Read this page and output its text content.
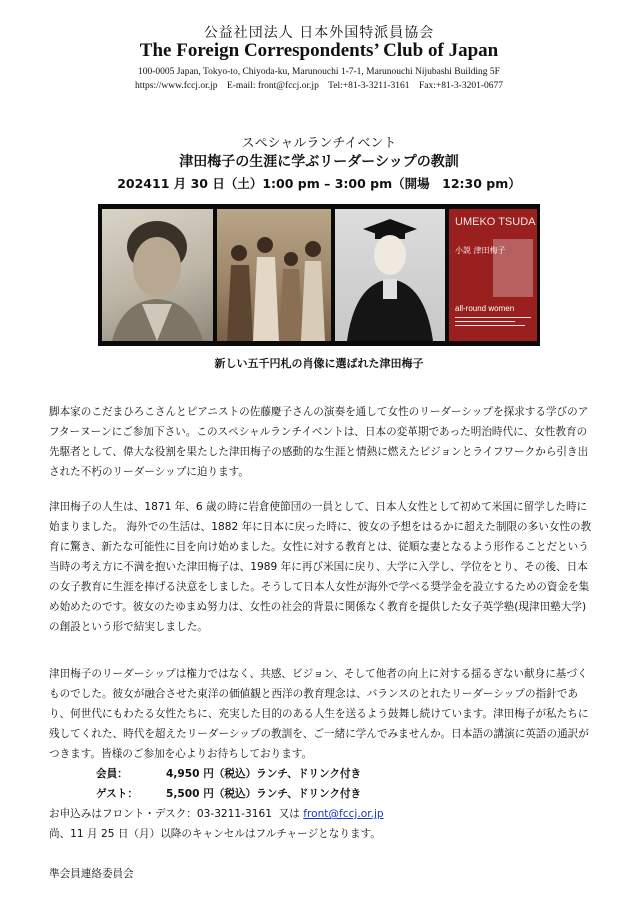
公益社団法人 日本外国特派員協会
The Foreign Correspondents’ Club of Japan
100-0005 Japan, Tokyo-to, Chiyoda-ku, Marunouchi 1-7-1, Marunouchi Nijubashi Building 5F
https://www.fccj.or.jp    E-mail: front@fccj.or.jp    Tel:+81-3-3211-3161    Fax:+81-3-3201-0677
スペシャルランチイベント
津田梅子の生涯に学ぶリーダーシップの教訓
202411 月 30 日（土）1:00 pm – 3:00 pm（開場　12:30 pm）
UMEKO TSUDA
小説 津田梅子
all-round women
新しい五千円札の肖像に選ばれた津田梅子
脚本家のこだまひろこさんとピアニストの佐藤慶子さんの演奏を通して女性のリーダーシップを探求する学びのアフターヌーンにご参加下さい。このスペシャルランチイベントは、日本の変革期であった明治時代に、女性教育の先駆者として、偉大な役割を果たした津田梅子の感動的な生涯と情熱に燃えたビジョンとライフワークから引き出された不朽のリーダーシップに迫ります。
津田梅子の人生は、1871 年、6 歳の時に岩倉使節団の一員として、日本人女性として初めて米国に留学した時に始まりました。 海外での生活は、1882 年に日本に戻った時に、彼女の予想をはるかに超えた制限の多い女性の教育に驚き、新たな可能性に目を向け始めました。女性に対する教育とは、従順な妻となるよう形作ることだという当時の考え方に不満を抱いた津田梅子は、1989 年に再び米国に戻り、大学に入学し、学位をとり、その後、日本の女子教育に生涯を捧げる決意をしました。そうして日本人女性が海外で学べる奨学金を設立するための資金を集め始めたのです。彼女のたゆまぬ努力は、女性の社会的背景に関係なく教育を提供した女子英学塾(現津田塾大学)の創設という形で結実しました。
津田梅子のリーダーシップは権力ではなく、共感、ビジョン、そして他者の向上に対する揺るぎない献身に基づくものでした。彼女が融合させた東洋の価値観と西洋の教育理念は、バランスのとれたリーダーシップの指針であり、何世代にもわたる女性たちに、充実した目的のある人生を送るよう鼓舞し続けています。津田梅子が私たちに残してくれた、時代を超えたリーダーシップの教訓を、ご一緒に学んでみませんか。日本語の講演に英語の通訳がつきます。皆様のご参加を心よりお待ちしております。
会員：	4,950 円（税込）ランチ、ドリンク付き
ゲスト：	5,500 円（税込）ランチ、ドリンク付き
お申込みはフロント・デスク：03-3211-3161  又は front@fccj.or.jp
尚、11 月 25 日（月）以降のキャンセルはフルチャージとなります。
準会員連絡委員会
